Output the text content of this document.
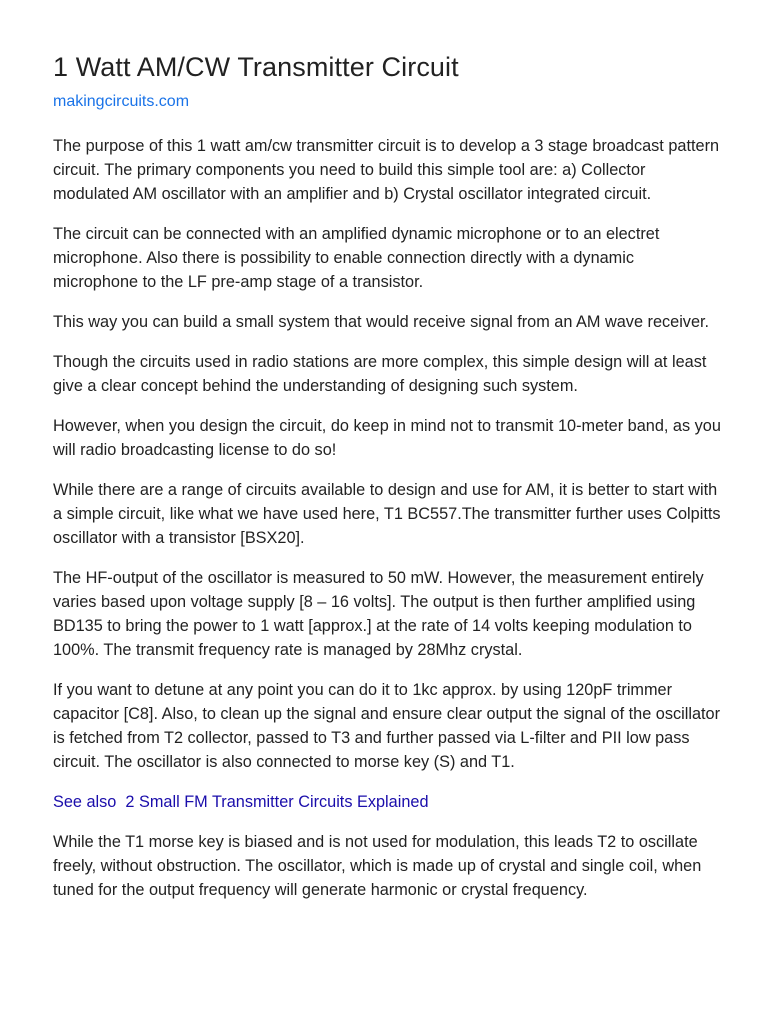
1 Watt AM/CW Transmitter Circuit
makingcircuits.com

The purpose of this 1 watt am/cw transmitter circuit is to develop a 3 stage broadcast pattern circuit. The primary components you need to build this simple tool are: a) Collector modulated AM oscillator with an amplifier and b) Crystal oscillator integrated circuit.

The circuit can be connected with an amplified dynamic microphone or to an electret microphone. Also there is possibility to enable connection directly with a dynamic microphone to the LF pre-amp stage of a transistor.

This way you can build a small system that would receive signal from an AM wave receiver.

Though the circuits used in radio stations are more complex, this simple design will at least give a clear concept behind the understanding of designing such system.

However, when you design the circuit, do keep in mind not to transmit 10-meter band, as you will radio broadcasting license to do so!

While there are a range of circuits available to design and use for AM, it is better to start with a simple circuit, like what we have used here, T1 BC557.The transmitter further uses Colpitts oscillator with a transistor [BSX20].

The HF-output of the oscillator is measured to 50 mW. However, the measurement entirely varies based upon voltage supply [8 – 16 volts]. The output is then further amplified using BD135 to bring the power to 1 watt [approx.] at the rate of 14 volts keeping modulation to 100%. The transmit frequency rate is managed by 28Mhz crystal.

If you want to detune at any point you can do it to 1kc approx. by using 120pF trimmer capacitor [C8]. Also, to clean up the signal and ensure clear output the signal of the oscillator is fetched from T2 collector, passed to T3 and further passed via L-filter and PII low pass circuit. The oscillator is also connected to morse key (S) and T1.

See also  2 Small FM Transmitter Circuits Explained

While the T1 morse key is biased and is not used for modulation, this leads T2 to oscillate freely, without obstruction. The oscillator, which is made up of crystal and single coil, when tuned for the output frequency will generate harmonic or crystal frequency.
